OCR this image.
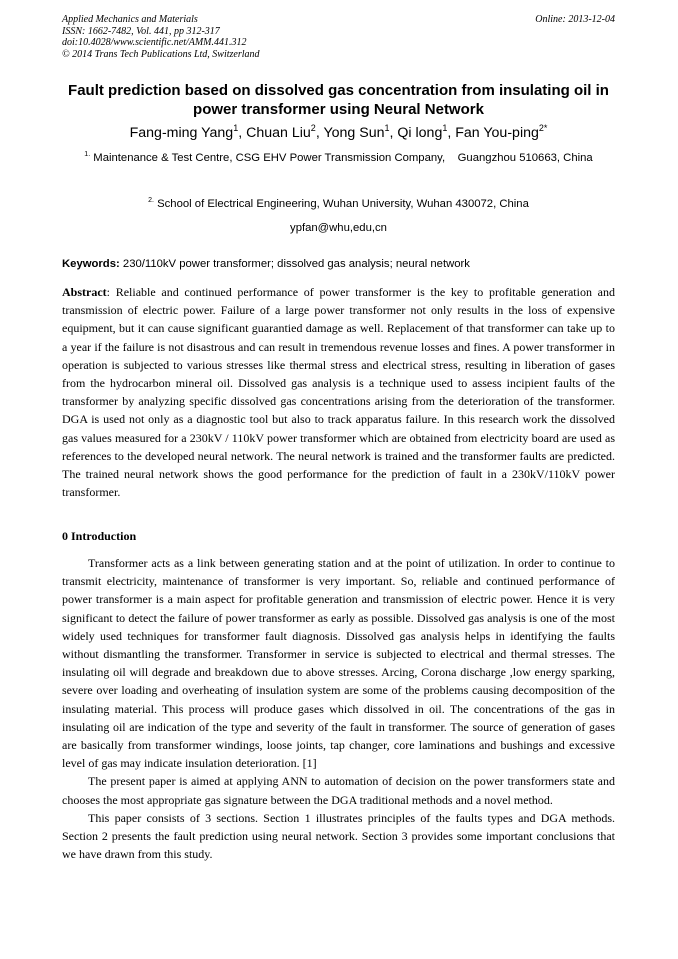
Applied Mechanics and Materials
ISSN: 1662-7482, Vol. 441, pp 312-317
doi:10.4028/www.scientific.net/AMM.441.312
© 2014 Trans Tech Publications Ltd, Switzerland
Online: 2013-12-04
Fault prediction based on dissolved gas concentration from insulating oil in power transformer using Neural Network
Fang-ming Yang$^1$, Chuan Liu$^2$, Yong Sun$^1$, Qi long$^1$, Fan You-ping$^{2*}$
$^{1.}$ Maintenance & Test Centre, CSG EHV Power Transmission Company,    Guangzhou 510663, China
$^{2.}$ School of Electrical Engineering, Wuhan University, Wuhan 430072, China
ypfan@whu,edu,cn
Keywords: 230/110kV power transformer; dissolved gas analysis; neural network
Abstract: Reliable and continued performance of power transformer is the key to profitable generation and transmission of electric power. Failure of a large power transformer not only results in the loss of expensive equipment, but it can cause significant guarantied damage as well. Replacement of that transformer can take up to a year if the failure is not disastrous and can result in tremendous revenue losses and fines. A power transformer in operation is subjected to various stresses like thermal stress and electrical stress, resulting in liberation of gases from the hydrocarbon mineral oil. Dissolved gas analysis is a technique used to assess incipient faults of the transformer by analyzing specific dissolved gas concentrations arising from the deterioration of the transformer. DGA is used not only as a diagnostic tool but also to track apparatus failure. In this research work the dissolved gas values measured for a 230kV / 110kV power transformer which are obtained from electricity board are used as references to the developed neural network. The neural network is trained and the transformer faults are predicted. The trained neural network shows the good performance for the prediction of fault in a 230kV/110kV power transformer.
0 Introduction

Transformer acts as a link between generating station and at the point of utilization. In order to continue to transmit electricity, maintenance of transformer is very important. So, reliable and continued performance of power transformer is a main aspect for profitable generation and transmission of electric power. Hence it is very significant to detect the failure of power transformer as early as possible. Dissolved gas analysis is one of the most widely used techniques for transformer fault diagnosis. Dissolved gas analysis helps in identifying the faults without dismantling the transformer. Transformer in service is subjected to electrical and thermal stresses. The insulating oil will degrade and breakdown due to above stresses. Arcing, Corona discharge ,low energy sparking, severe over loading and overheating of insulation system are some of the problems causing decomposition of the insulating material. This process will produce gases which dissolved in oil. The concentrations of the gas in insulating oil are indication of the type and severity of the fault in transformer. The source of generation of gases are basically from transformer windings, loose joints, tap changer, core laminations and bushings and excessive level of gas may indicate insulation deterioration. [1]

The present paper is aimed at applying ANN to automation of decision on the power transformers state and chooses the most appropriate gas signature between the DGA traditional methods and a novel method.

This paper consists of 3 sections. Section 1 illustrates principles of the faults types and DGA methods. Section 2 presents the fault prediction using neural network. Section 3 provides some important conclusions that we have drawn from this study.
